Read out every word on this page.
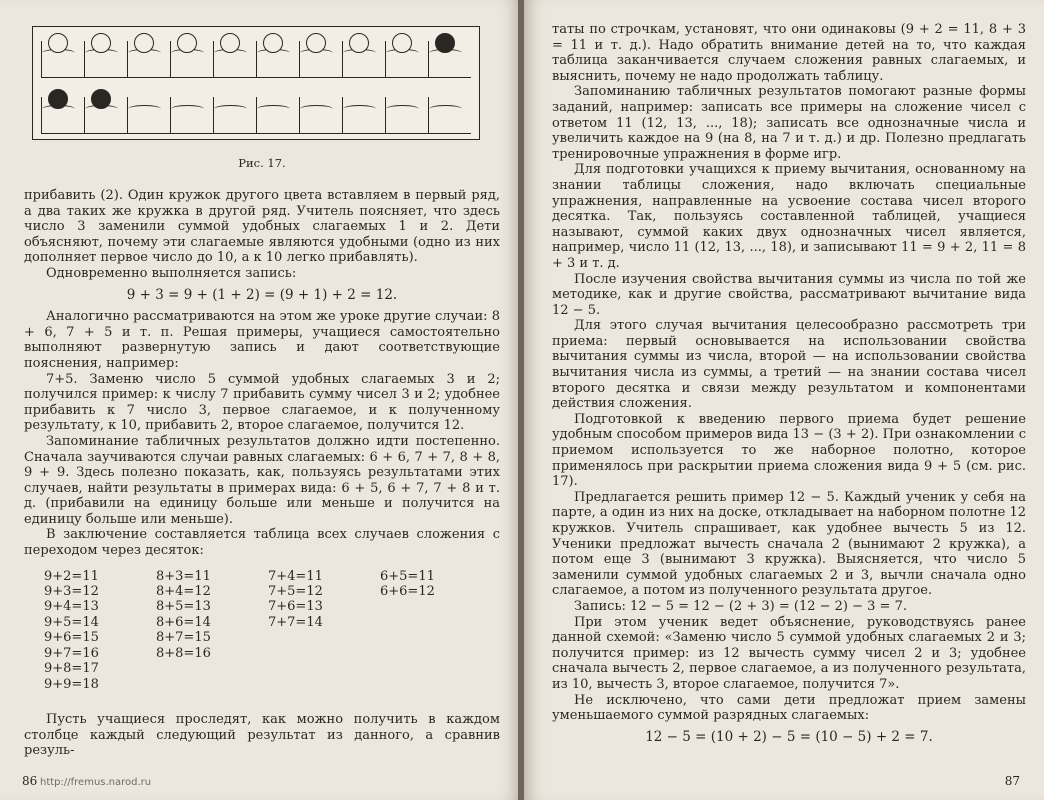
Рис. 17.

прибавить (2). Один кружок другого цвета вставляем в первый ряд, а два таких же кружка в другой ряд. Учитель поясняет, что здесь число 3 заменили суммой удобных слагаемых 1 и 2. Дети объясняют, почему эти слагаемые являются удобными (одно из них дополняет первое число до 10, а к 10 легко прибавлять).

Одновременно выполняется запись:

9 + 3 = 9 + (1 + 2) = (9 + 1) + 2 = 12.

Аналогично рассматриваются на этом же уроке другие случаи: 8 + 6, 7 + 5 и т. п. Решая примеры, учащиеся самостоятельно выполняют развернутую запись и дают соответствующие пояснения, например:

7+5. Заменю число 5 суммой удобных слагаемых 3 и 2; получился пример: к числу 7 прибавить сумму чисел 3 и 2; удобнее прибавить к 7 число 3, первое слагаемое, и к полученному результату, к 10, прибавить 2, второе слагаемое, получится 12.

Запоминание табличных результатов должно идти постепенно. Сначала заучиваются случаи равных слагаемых: 6 + 6, 7 + 7, 8 + 8, 9 + 9. Здесь полезно показать, как, пользуясь результатами этих случаев, найти результаты в примерах вида: 6 + 5, 6 + 7, 7 + 8 и т. д. (прибавили на единицу больше или меньше и получится на единицу больше или меньше).

В заключение составляется таблица всех случаев сложения с переходом через десяток:

9+2=11
9+3=12
9+4=13
9+5=14
9+6=15
9+7=16
9+8=17
9+9=18
8+3=11
8+4=12
8+5=13
8+6=14
8+7=15
8+8=16
7+4=11
7+5=12
7+6=13
7+7=14
6+5=11
6+6=12

Пусть учащиеся проследят, как можно получить в каждом столбце каждый следующий результат из данного, а сравнив резуль-

86 http://fremus.narod.ru

таты по строчкам, установят, что они одинаковы (9 + 2 = 11, 8 + 3 = 11 и т. д.). Надо обратить внимание детей на то, что каждая таблица заканчивается случаем сложения равных слагаемых, и выяснить, почему не надо продолжать таблицу.

Запоминанию табличных результатов помогают разные формы заданий, например: записать все примеры на сложение чисел с ответом 11 (12, 13, ..., 18); записать все однозначные числа и увеличить каждое на 9 (на 8, на 7 и т. д.) и др. Полезно предлагать тренировочные упражнения в форме игр.

Для подготовки учащихся к приему вычитания, основанному на знании таблицы сложения, надо включать специальные упражнения, направленные на усвоение состава чисел второго десятка. Так, пользуясь составленной таблицей, учащиеся называют, суммой каких двух однозначных чисел является, например, число 11 (12, 13, ..., 18), и записывают 11 = 9 + 2, 11 = 8 + 3 и т. д.

После изучения свойства вычитания суммы из числа по той же методике, как и другие свойства, рассматривают вычитание вида 12 − 5.

Для этого случая вычитания целесообразно рассмотреть три приема: первый основывается на использовании свойства вычитания суммы из числа, второй — на использовании свойства вычитания числа из суммы, а третий — на знании состава чисел второго десятка и связи между результатом и компонентами действия сложения.

Подготовкой к введению первого приема будет решение удобным способом примеров вида 13 − (3 + 2). При ознакомлении с приемом используется то же наборное полотно, которое применялось при раскрытии приема сложения вида 9 + 5 (см. рис. 17).

Предлагается решить пример 12 − 5. Каждый ученик у себя на парте, а один из них на доске, откладывает на наборном полотне 12 кружков. Учитель спрашивает, как удобнее вычесть 5 из 12. Ученики предложат вычесть сначала 2 (вынимают 2 кружка), а потом еще 3 (вынимают 3 кружка). Выясняется, что число 5 заменили суммой удобных слагаемых 2 и 3, вычли сначала одно слагаемое, а потом из полученного результата другое.

Запись: 12 − 5 = 12 − (2 + 3) = (12 − 2) − 3 = 7.

При этом ученик ведет объяснение, руководствуясь ранее данной схемой: «Заменю число 5 суммой удобных слагаемых 2 и 3; получится пример: из 12 вычесть сумму чисел 2 и 3; удобнее сначала вычесть 2, первое слагаемое, а из полученного результата, из 10, вычесть 3, второе слагаемое, получится 7».

Не исключено, что сами дети предложат прием замены уменьшаемого суммой разрядных слагаемых:

12 − 5 = (10 + 2) − 5 = (10 − 5) + 2 = 7.

87
